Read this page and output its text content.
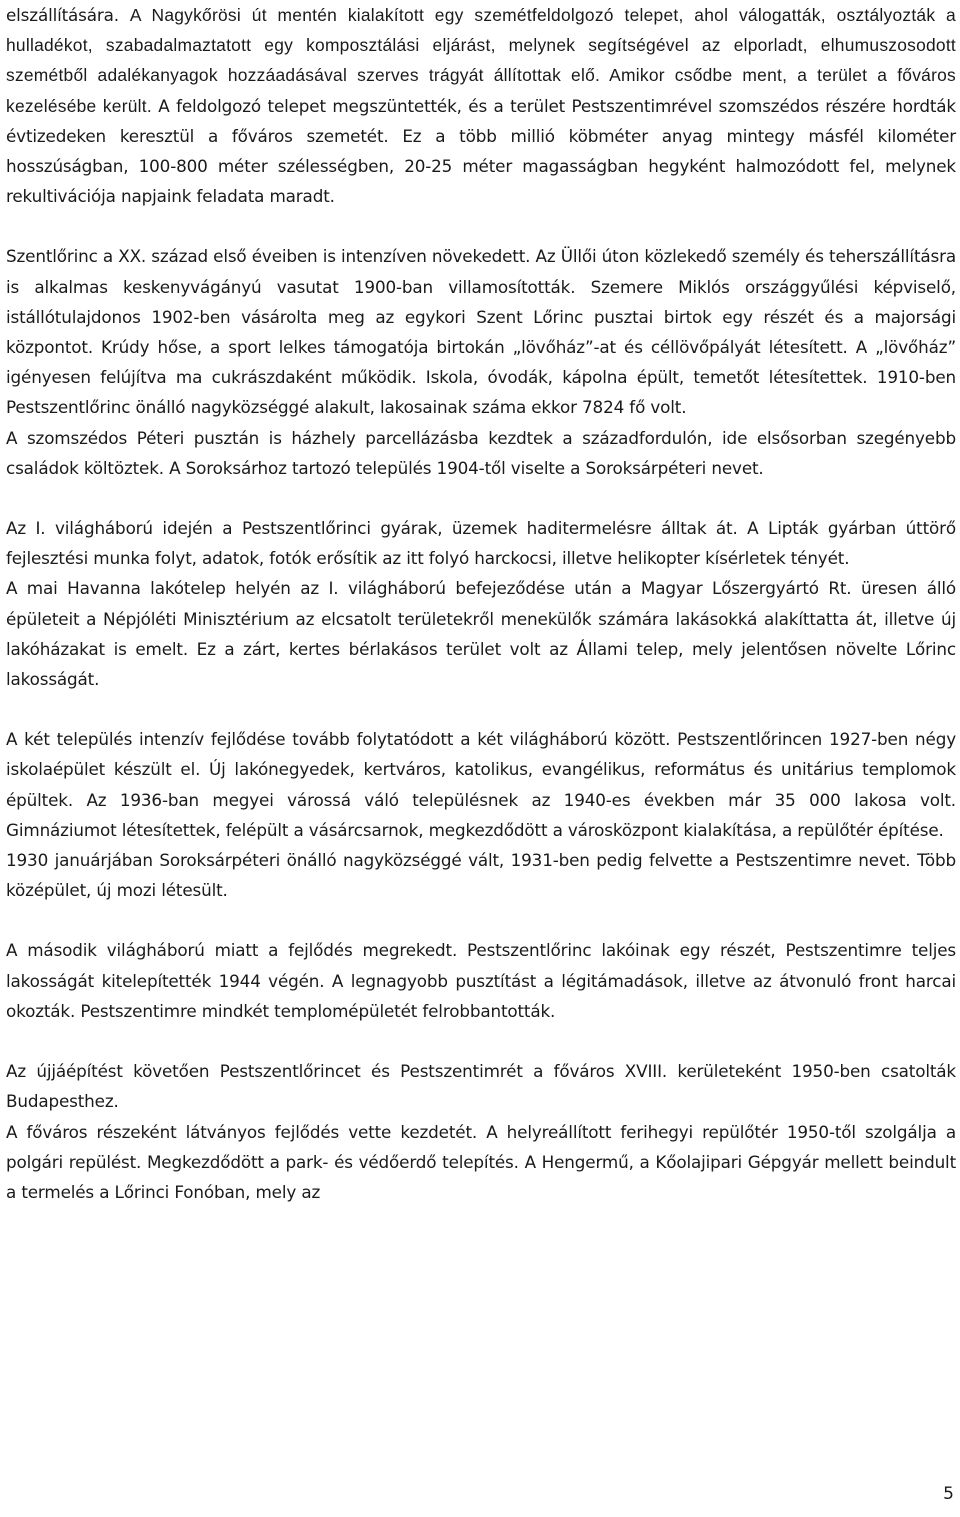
elszállítására. A Nagykőrösi út mentén kialakított egy szemétfeldolgozó telepet, ahol válogatták, osztályozták a hulladékot, szabadalmaztatott egy komposztálási eljárást, melynek segítségével az elporladt, elhumuszosodott szemétből adalékanyagok hozzáadásával szerves trágyát állítottak elő. Amikor csődbe ment, a terület a főváros kezelésébe került. A feldolgozó telepet megszüntették, és a terület Pestszentimrével szomszédos részére hordták évtizedeken keresztül a főváros szemetét. Ez a több millió köbméter anyag mintegy másfél kilométer hosszúságban, 100-800 méter szélességben, 20-25 méter magasságban hegyként halmozódott fel, melynek rekultivációja napjaink feladata maradt.

Szentlőrinc a XX. század első éveiben is intenzíven növekedett. Az Üllői úton közlekedő személy és teherszállításra is alkalmas keskenyvágányú vasutat 1900-ban villamosították. Szemere Miklós országgyűlési képviselő, istállótulajdonos 1902-ben vásárolta meg az egykori Szent Lőrinc pusztai birtok egy részét és a majorsági központot. Krúdy hőse, a sport lelkes támogatója birtokán „lövőház”-at és céllövőpályát létesített. A „lövőház” igényesen felújítva ma cukrászdaként működik. Iskola, óvodák, kápolna épült, temetőt létesítettek. 1910-ben Pestszentlőrinc önálló nagyközséggé alakult, lakosainak száma ekkor 7824 fő volt.

A szomszédos Péteri pusztán is házhely parcellázásba kezdtek a századfordulón, ide elsősorban szegényebb családok költöztek. A Soroksárhoz tartozó település 1904-től viselte a Soroksárpéteri nevet.

Az I. világháború idején a Pestszentlőrinci gyárak, üzemek haditermelésre álltak át. A Lipták gyárban úttörő fejlesztési munka folyt, adatok, fotók erősítik az itt folyó harckocsi, illetve helikopter kísérletek tényét.

A mai Havanna lakótelep helyén az I. világháború befejeződése után a Magyar Lőszergyártó Rt. üresen álló épületeit a Népjóléti Minisztérium az elcsatolt területekről menekülők számára lakásokká alakíttatta át, illetve új lakóházakat is emelt. Ez a zárt, kertes bérlakásos terület volt az Állami telep, mely jelentősen növelte Lőrinc lakosságát.

A két település intenzív fejlődése tovább folytatódott a két világháború között. Pestszentlőrincen 1927-ben négy iskolaépület készült el. Új lakónegyedek, kertváros, katolikus, evangélikus, református és unitárius templomok épültek. Az 1936-ban megyei várossá váló településnek az 1940-es években már 35 000 lakosa volt. Gimnáziumot létesítettek, felépült a vásárcsarnok, megkezdődött a városközpont kialakítása, a repülőtér építése.

1930 januárjában Soroksárpéteri önálló nagyközséggé vált, 1931-ben pedig felvette a Pestszentimre nevet. Több középület, új mozi létesült.

A második világháború miatt a fejlődés megrekedt. Pestszentlőrinc lakóinak egy részét, Pestszentimre teljes lakosságát kitelepítették 1944 végén. A legnagyobb pusztítást a légitámadások, illetve az átvonuló front harcai okozták. Pestszentimre mindkét templomépületét felrobbantották.

Az újjáépítést követően Pestszentlőrincet és Pestszentimrét a főváros XVIII. kerületeként 1950-ben csatolták Budapesthez.

A főváros részeként látványos fejlődés vette kezdetét. A helyreállított ferihegyi repülőtér 1950-től szolgálja a polgári repülést. Megkezdődött a park- és védőerdő telepítés. A Hengermű, a Kőolajipari Gépgyár mellett beindult a termelés a Lőrinci Fonóban, mely az

5
